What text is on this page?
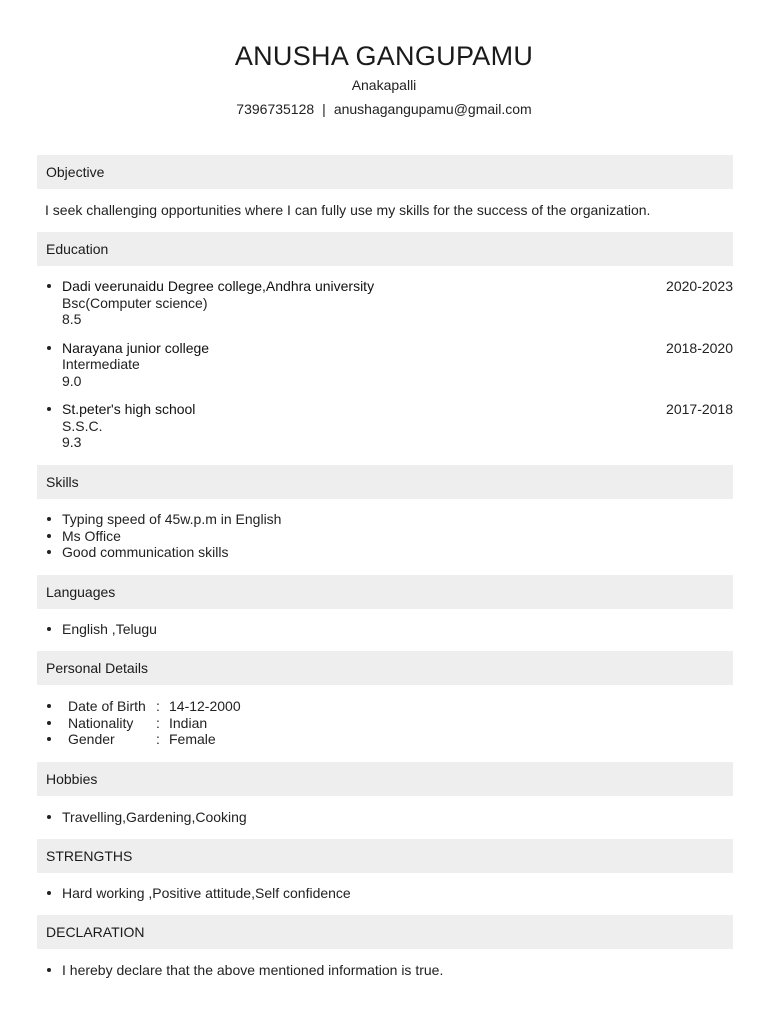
ANUSHA GANGUPAMU
Anakapalli
7396735128 | anushagangupamu@gmail.com
Objective
I seek challenging opportunities where I can fully use my skills for the success of the organization.
Education
Dadi veerunaidu Degree college,Andhra university
Bsc(Computer science)
8.5
2020-2023
Narayana junior college
Intermediate
9.0
2018-2020
St.peter's high school
S.S.C.
9.3
2017-2018
Skills
Typing speed of 45w.p.m in English
Ms Office
Good communication skills
Languages
English ,Telugu
Personal Details
Date of Birth : 14-12-2000
Nationality : Indian
Gender	: Female
Hobbies
Travelling,Gardening,Cooking
STRENGTHS
Hard working ,Positive attitude,Self confidence
DECLARATION
I hereby declare that the above mentioned information is true.
